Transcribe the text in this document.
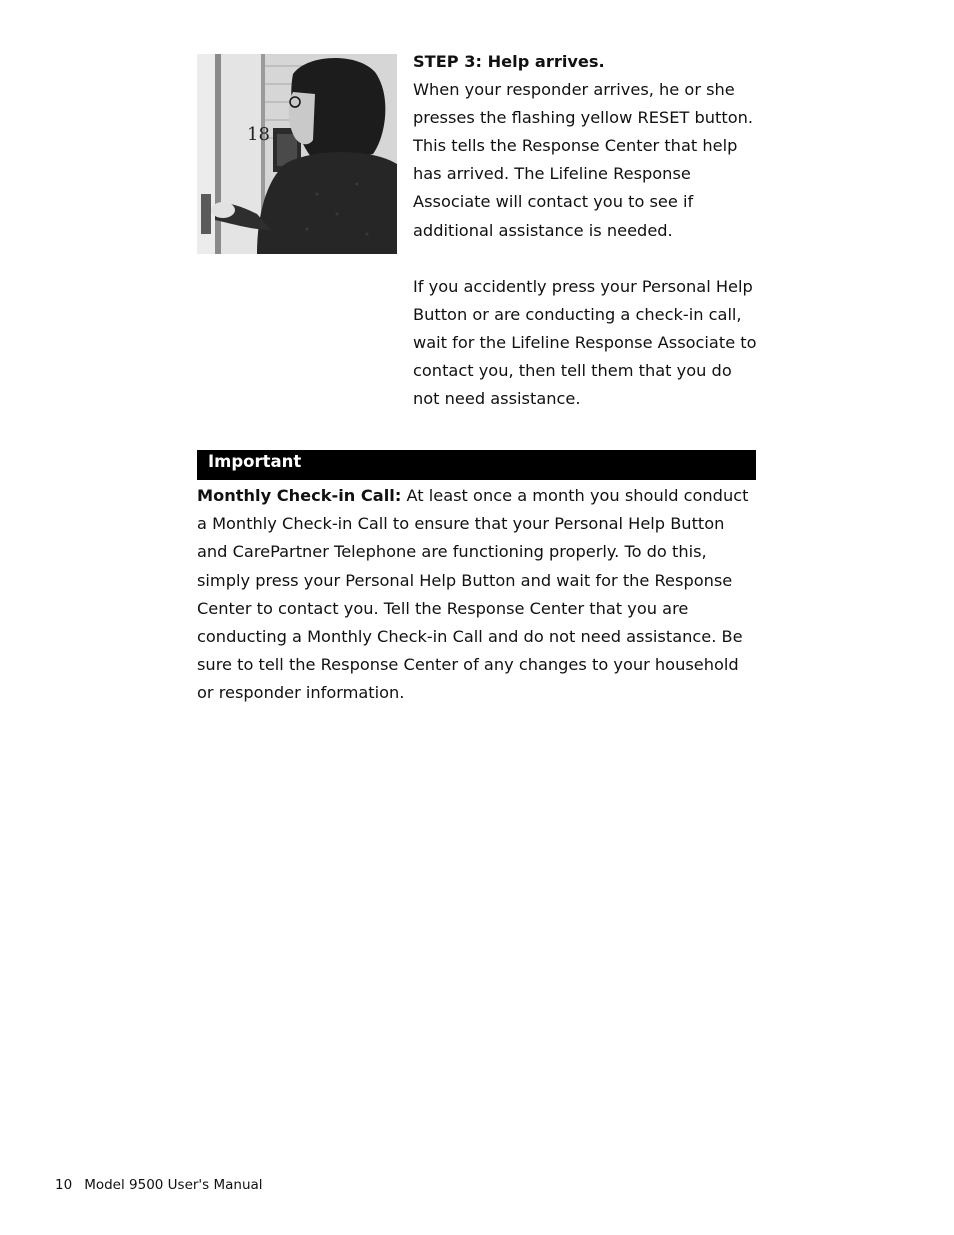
18

STEP 3: Help arrives.

When your responder arrives, he or she presses the flashing yellow RESET button. This tells the Response Center that help has arrived. The Lifeline Response Associate will contact you to see if additional assistance is needed.

If you accidently press your Personal Help Button or are conducting a check-in call, wait for the Lifeline Response Associate to contact you, then tell them that you do not need assistance.

Important

Monthly Check-in Call: At least once a month you should conduct a Monthly Check-in Call to ensure that your Personal Help Button and CarePartner Telephone are functioning properly. To do this, simply press your Personal Help Button and wait for the Response Center to contact you. Tell the Response Center that you are conducting a Monthly Check-in Call and do not need assistance. Be sure to tell the Response Center of any changes to your household or responder information.

10 Model 9500 User's Manual
